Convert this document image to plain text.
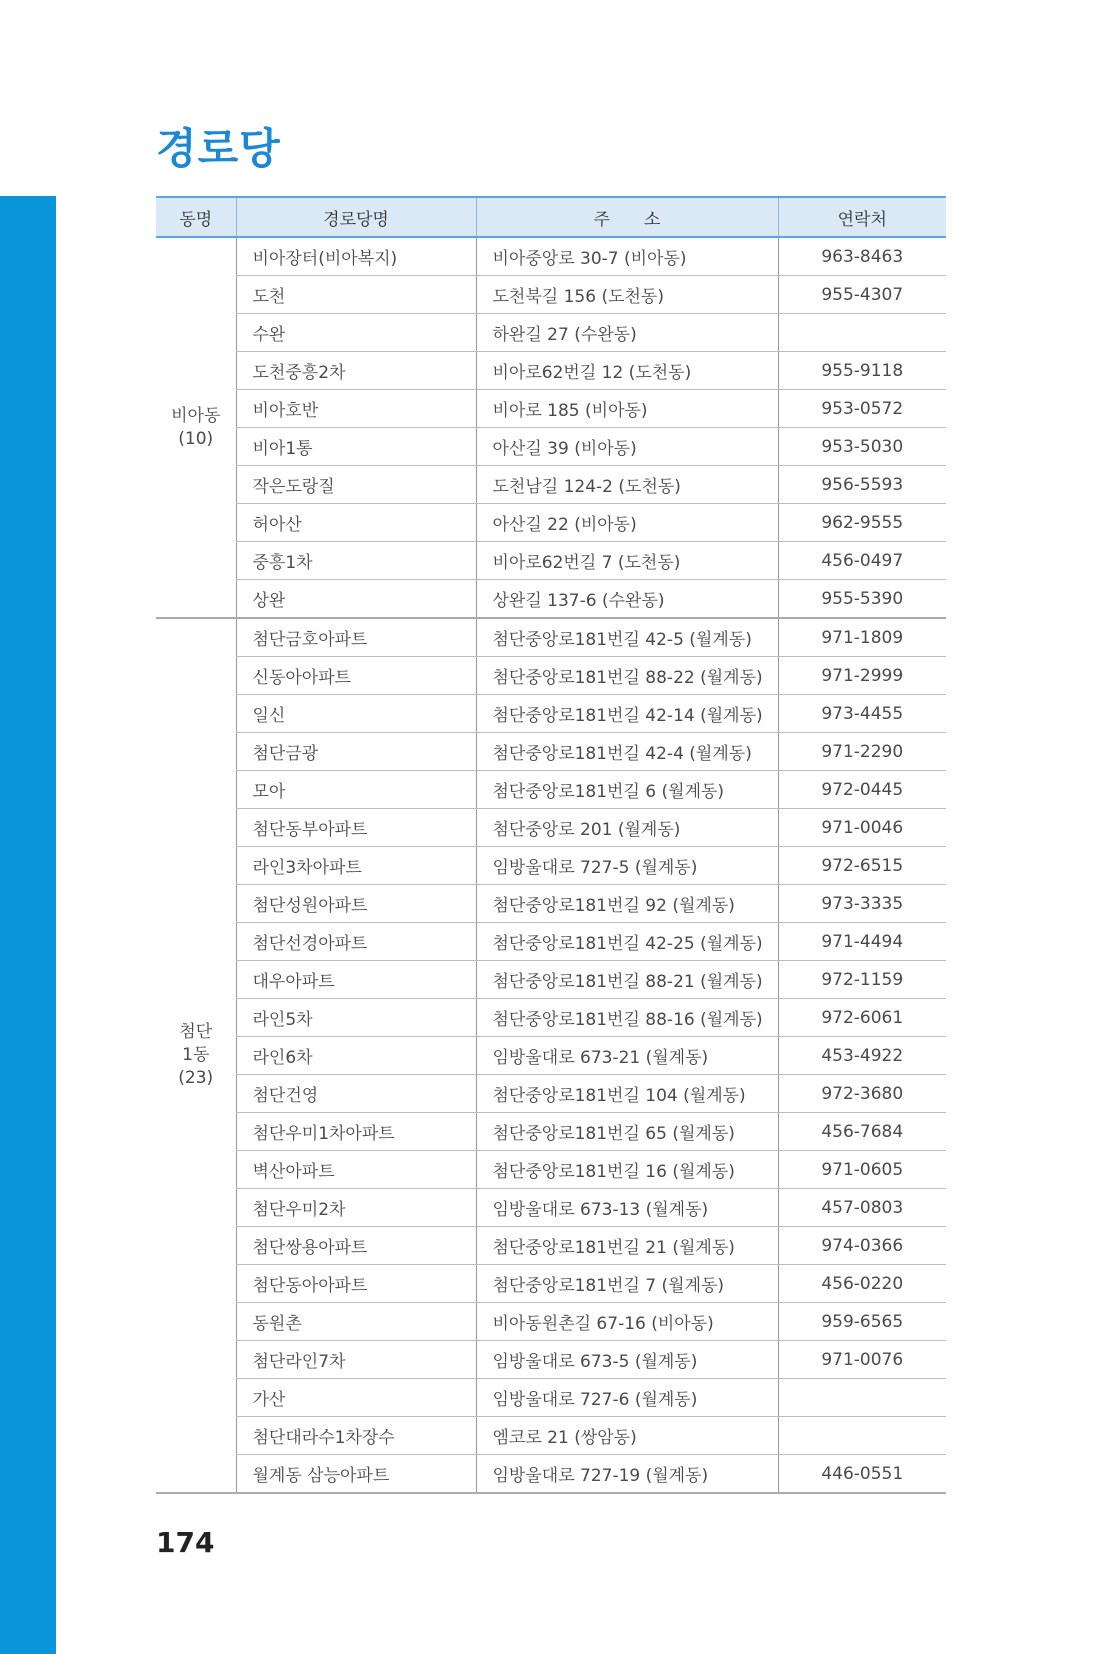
경로당
동명	경로당명	주　　소	연락처
비아동
(10)	비아장터(비아복지)	비아중앙로 30-7 (비아동)	963-8463
	도천	도천북길 156 (도천동)	955-4307
	수완	하완길 27 (수완동)	
	도천중흥2차	비아로62번길 12 (도천동)	955-9118
	비아호반	비아로 185 (비아동)	953-0572
	비아1통	아산길 39 (비아동)	953-5030
	작은도랑질	도천남길 124-2 (도천동)	956-5593
	허아산	아산길 22 (비아동)	962-9555
	중흥1차	비아로62번길 7 (도천동)	456-0497
	상완	상완길 137-6 (수완동)	955-5390
첨단
1동
(23)	첨단금호아파트	첨단중앙로181번길 42-5 (월계동)	971-1809
	신동아아파트	첨단중앙로181번길 88-22 (월계동)	971-2999
	일신	첨단중앙로181번길 42-14 (월계동)	973-4455
	첨단금광	첨단중앙로181번길 42-4 (월계동)	971-2290
	모아	첨단중앙로181번길 6 (월계동)	972-0445
	첨단동부아파트	첨단중앙로 201 (월계동)	971-0046
	라인3차아파트	임방울대로 727-5 (월계동)	972-6515
	첨단성원아파트	첨단중앙로181번길 92 (월계동)	973-3335
	첨단선경아파트	첨단중앙로181번길 42-25 (월계동)	971-4494
	대우아파트	첨단중앙로181번길 88-21 (월계동)	972-1159
	라인5차	첨단중앙로181번길 88-16 (월계동)	972-6061
	라인6차	임방울대로 673-21 (월계동)	453-4922
	첨단건영	첨단중앙로181번길 104 (월계동)	972-3680
	첨단우미1차아파트	첨단중앙로181번길 65 (월계동)	456-7684
	벽산아파트	첨단중앙로181번길 16 (월계동)	971-0605
	첨단우미2차	임방울대로 673-13 (월계동)	457-0803
	첨단쌍용아파트	첨단중앙로181번길 21 (월계동)	974-0366
	첨단동아아파트	첨단중앙로181번길 7 (월계동)	456-0220
	동원촌	비아동원촌길 67-16 (비아동)	959-6565
	첨단라인7차	임방울대로 673-5 (월계동)	971-0076
	가산	임방울대로 727-6 (월계동)	
	첨단대라수1차장수	엠코로 21 (쌍암동)	
	월계동 삼능아파트	임방울대로 727-19 (월계동)	446-0551
174
